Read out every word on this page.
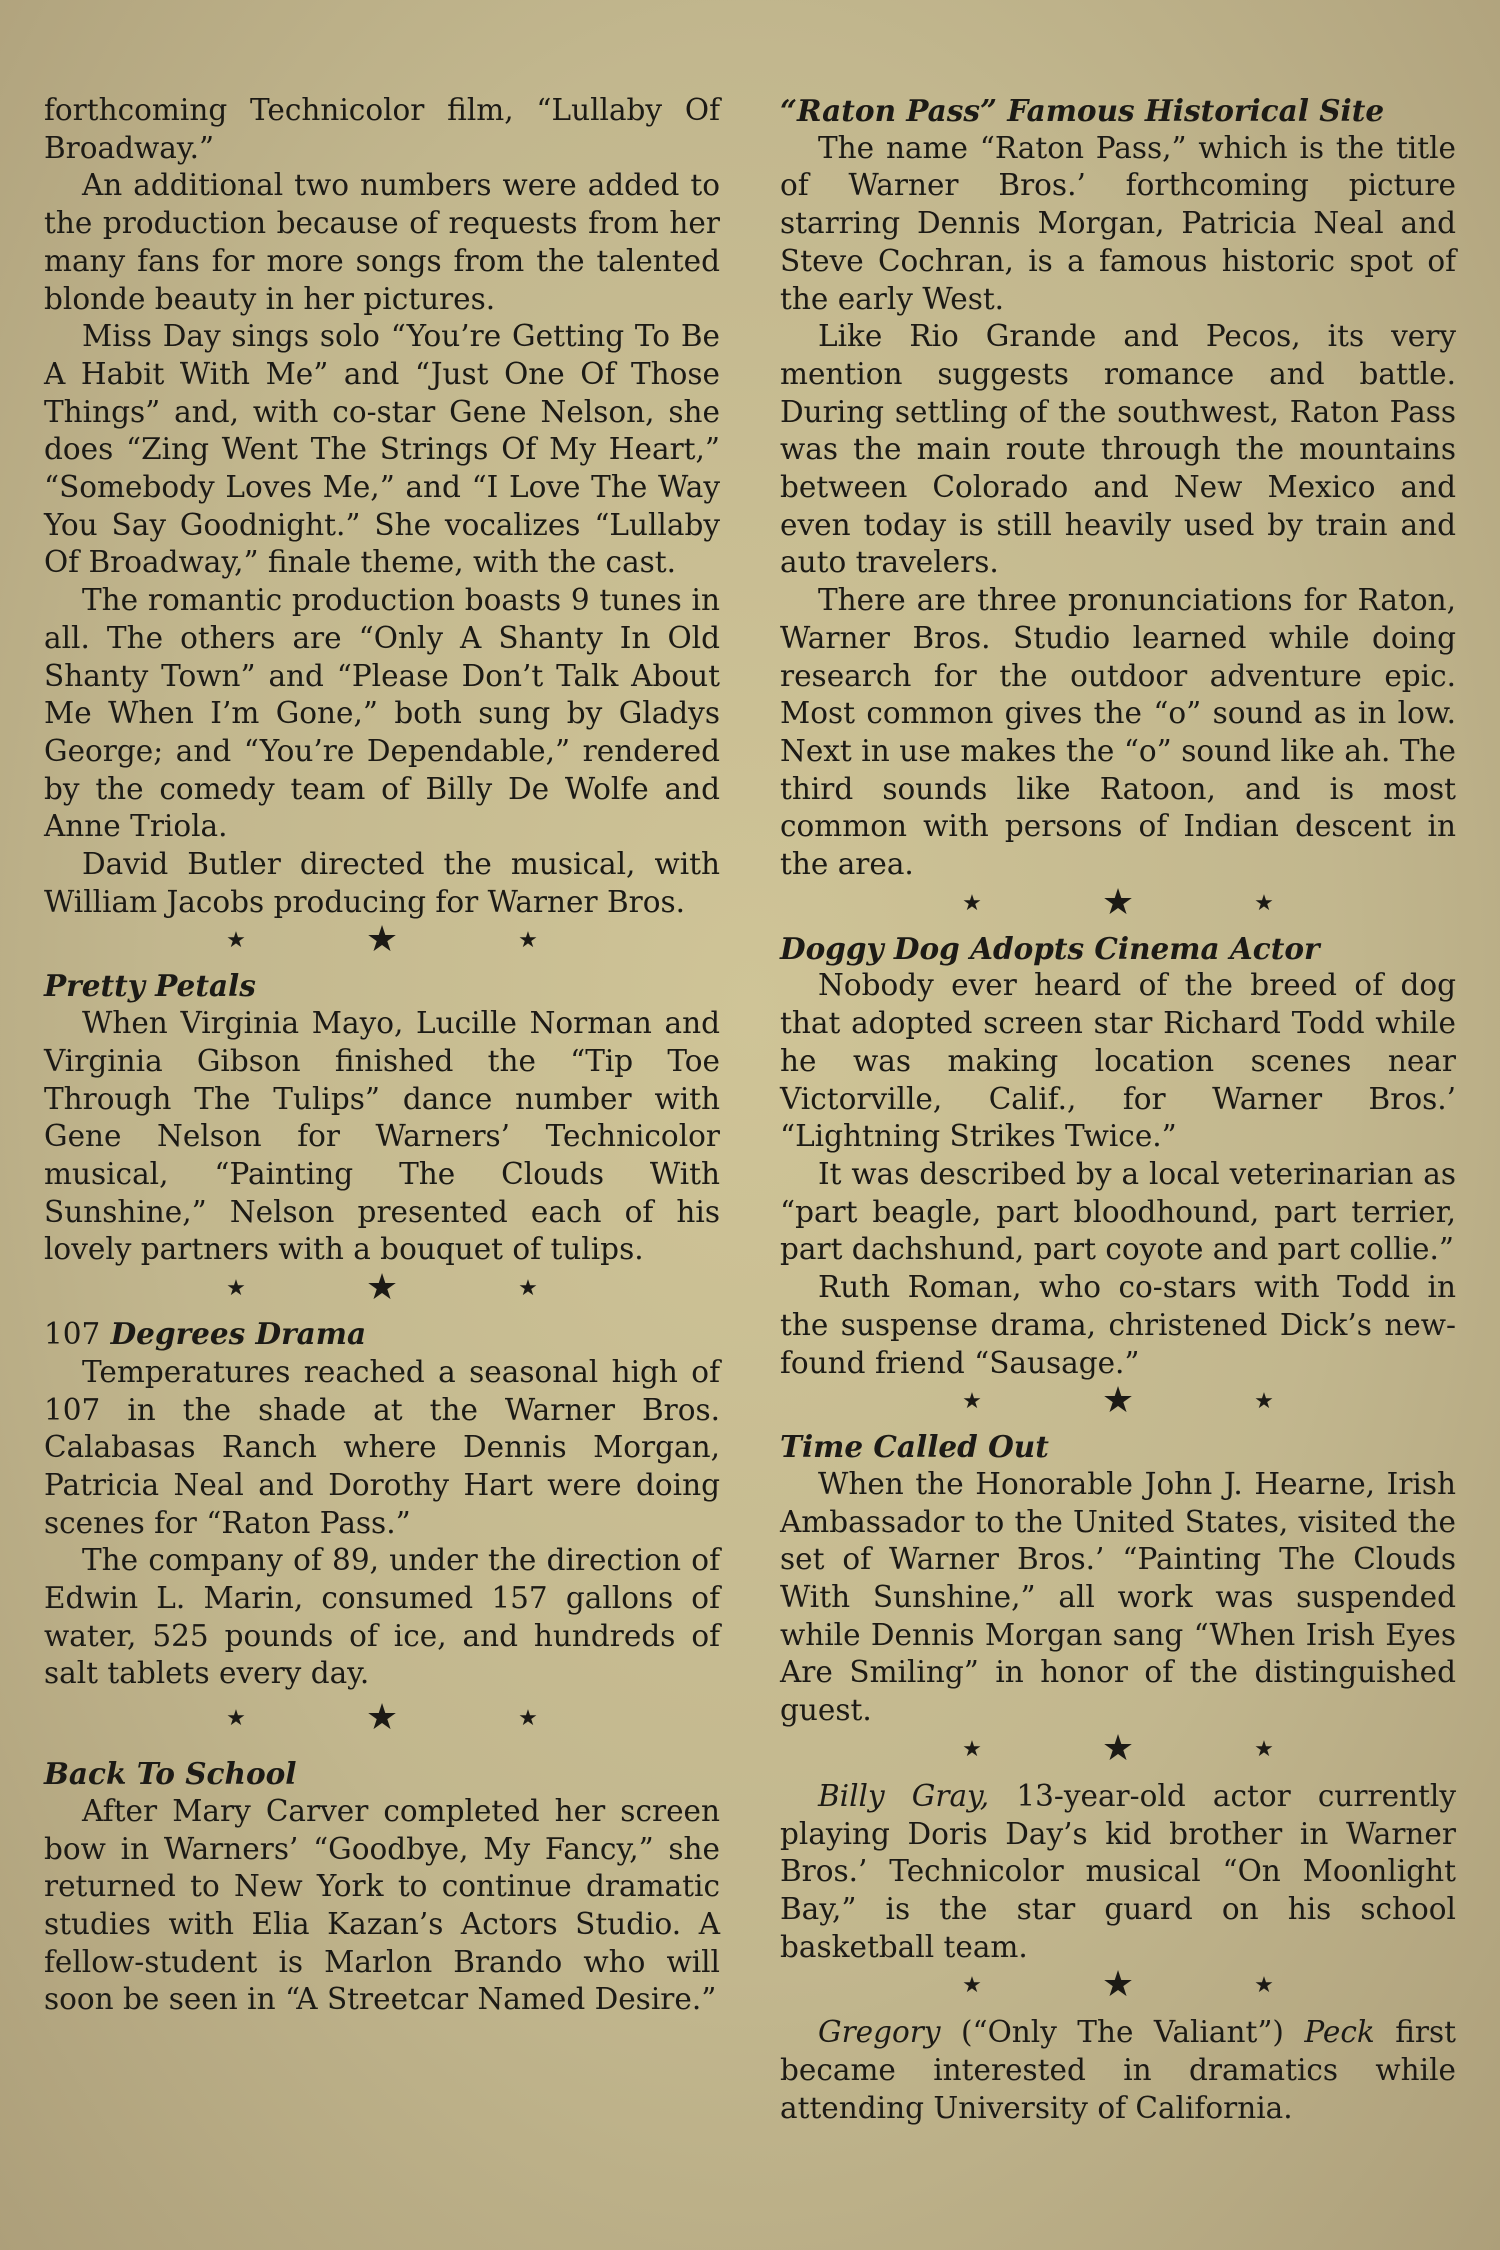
forthcoming Technicolor film, “Lullaby Of Broadway.”

An additional two numbers were added to the production because of requests from her many fans for more songs from the talented blonde beauty in her pictures.

Miss Day sings solo “You’re Getting To Be A Habit With Me” and “Just One Of Those Things” and, with co-star Gene Nelson, she does “Zing Went The Strings Of My Heart,” “Somebody Loves Me,” and “I Love The Way You Say Goodnight.” She vocalizes “Lullaby Of Broadway,” finale theme, with the cast.

The romantic production boasts 9 tunes in all. The others are “Only A Shanty In Old Shanty Town” and “Please Don’t Talk About Me When I’m Gone,” both sung by Gladys George; and “You’re Dependable,” rendered by the comedy team of Billy De Wolfe and Anne Triola.

David Butler directed the musical, with William Jacobs producing for Warner Bros.

★	★	★
Pretty Petals

When Virginia Mayo, Lucille Norman and Virginia Gibson finished the “Tip Toe Through The Tulips” dance number with Gene Nelson for Warners’ Technicolor musical, “Painting The Clouds With Sunshine,” Nelson presented each of his lovely partners with a bouquet of tulips.

★	★	★
107 Degrees Drama

Temperatures reached a seasonal high of 107 in the shade at the Warner Bros. Calabasas Ranch where Dennis Morgan, Patricia Neal and Dorothy Hart were doing scenes for “Raton Pass.”

The company of 89, under the direction of Edwin L. Marin, consumed 157 gallons of water, 525 pounds of ice, and hundreds of salt tablets every day.

★	★	★
Back To School

After Mary Carver completed her screen bow in Warners’ “Goodbye, My Fancy,” she returned to New York to continue dramatic studies with Elia Kazan’s Actors Studio. A fellow-student is Marlon Brando who will soon be seen in “A Streetcar Named Desire.”

“Raton Pass” Famous Historical Site

The name “Raton Pass,” which is the title of Warner Bros.’ forthcoming picture starring Dennis Morgan, Patricia Neal and Steve Cochran, is a famous historic spot of the early West.

Like Rio Grande and Pecos, its very mention suggests romance and battle. During settling of the southwest, Raton Pass was the main route through the mountains between Colorado and New Mexico and even today is still heavily used by train and auto travelers.

There are three pronunciations for Raton, Warner Bros. Studio learned while doing research for the outdoor adventure epic. Most common gives the “o” sound as in low. Next in use makes the “o” sound like ah. The third sounds like Ratoon, and is most common with persons of Indian descent in the area.

★	★	★
Doggy Dog Adopts Cinema Actor

Nobody ever heard of the breed of dog that adopted screen star Richard Todd while he was making location scenes near Victorville, Calif., for Warner Bros.’ “Lightning Strikes Twice.”

It was described by a local veterinarian as “part beagle, part bloodhound, part terrier, part dachshund, part coyote and part collie.”

Ruth Roman, who co-stars with Todd in the suspense drama, christened Dick’s new-found friend “Sausage.”

★	★	★
Time Called Out

When the Honorable John J. Hearne, Irish Ambassador to the United States, visited the set of Warner Bros.’ “Painting The Clouds With Sunshine,” all work was suspended while Dennis Morgan sang “When Irish Eyes Are Smiling” in honor of the distinguished guest.

★	★	★

Billy Gray, 13-year-old actor currently playing Doris Day’s kid brother in Warner Bros.’ Technicolor musical “On Moonlight Bay,” is the star guard on his school basketball team.

★	★	★

Gregory (“Only The Valiant”) Peck first became interested in dramatics while attending University of California.
